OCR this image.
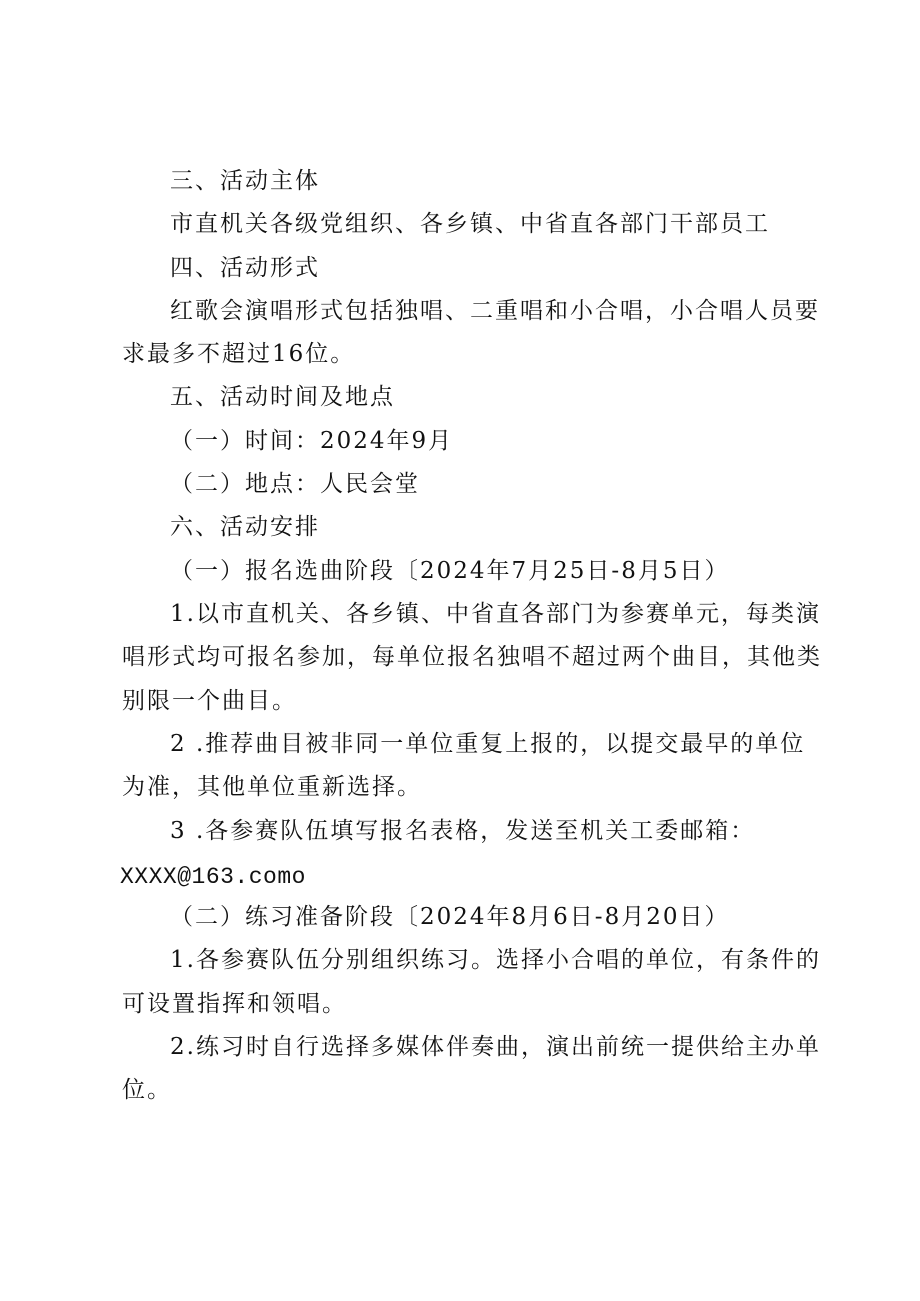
三、活动主体
市直机关各级党组织、各乡镇、中省直各部门干部员工
四、活动形式
红歌会演唱形式包括独唱、二重唱和小合唱，小合唱人员要
求最多不超过16位。
五、活动时间及地点
（一）时间：2024年9月
（二）地点：人民会堂
六、活动安排
（一）报名选曲阶段〔2024年7月25日-8月5日）
1.以市直机关、各乡镇、中省直各部门为参赛单元，每类演
唱形式均可报名参加，每单位报名独唱不超过两个曲目，其他类
别限一个曲目。
2 .推荐曲目被非同一单位重复上报的，以提交最早的单位
为准，其他单位重新选择。
3 .各参赛队伍填写报名表格，发送至机关工委邮箱：
XXXX@163.como
（二）练习准备阶段〔2024年8月6日-8月20日）
1.各参赛队伍分别组织练习。选择小合唱的单位，有条件的
可设置指挥和领唱。
2.练习时自行选择多媒体伴奏曲，演出前统一提供给主办单
位。
